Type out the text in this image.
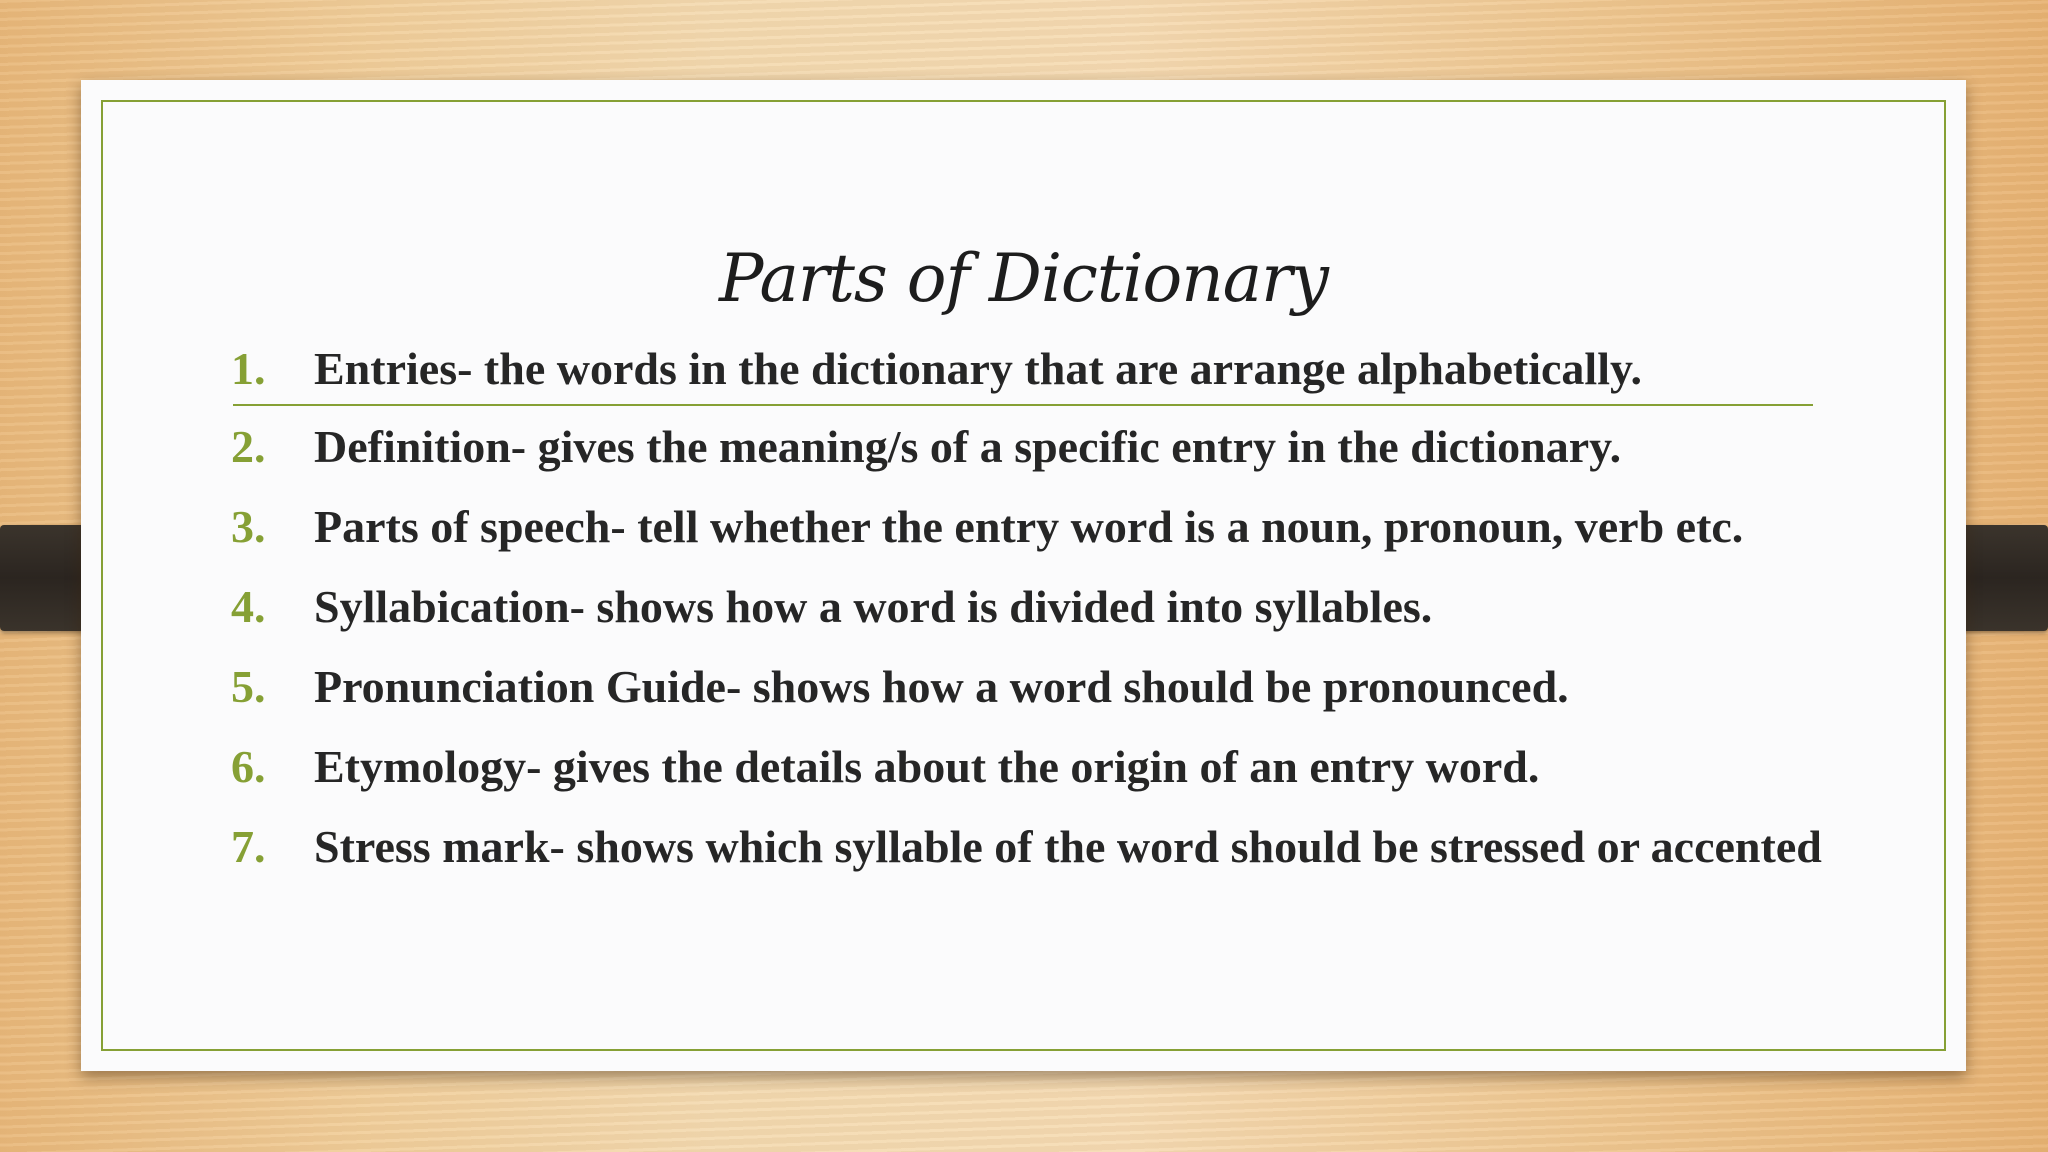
Parts of Dictionary
1. Entries- the words in the dictionary that are arrange alphabetically.
2. Definition- gives the meaning/s of a specific entry in the dictionary.
3. Parts of speech- tell whether the entry word is a noun, pronoun, verb etc.
4. Syllabication- shows how a word is divided into syllables.
5. Pronunciation Guide- shows how a word should be pronounced.
6. Etymology- gives the details about the origin of an entry word.
7. Stress mark- shows which syllable of the word should be stressed or accented
